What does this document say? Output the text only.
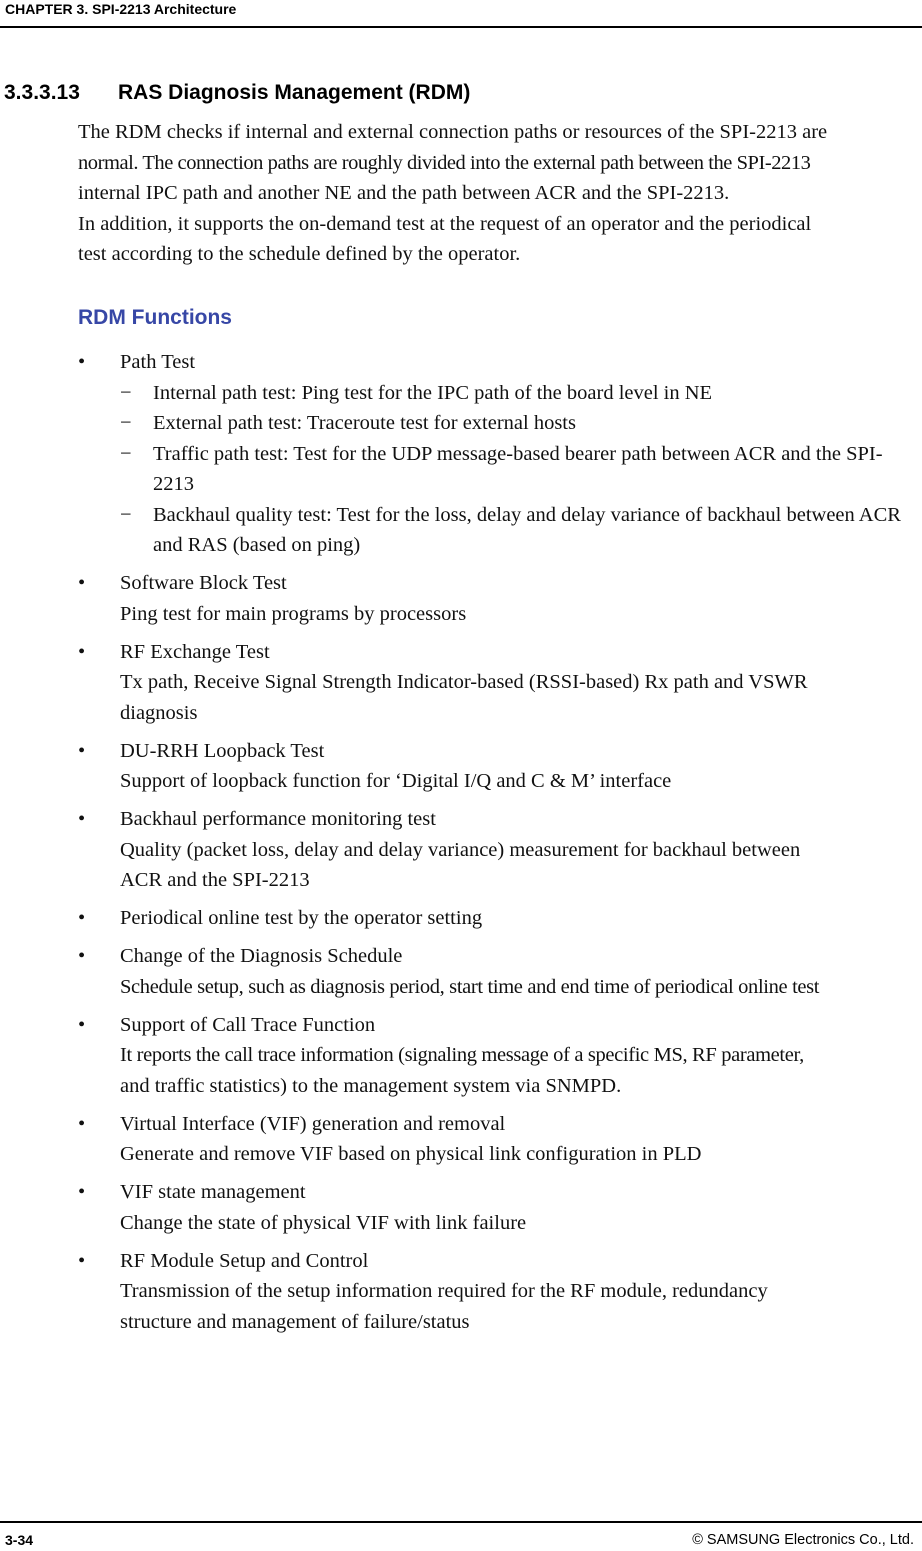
CHAPTER 3. SPI-2213 Architecture
3.3.3.13 RAS Diagnosis Management (RDM)

The RDM checks if internal and external connection paths or resources of the SPI-2213 are

normal. The connection paths are roughly divided into the external path between the SPI-2213

internal IPC path and another NE and the path between ACR and the SPI-2213.

In addition, it supports the on-demand test at the request of an operator and the periodical

test according to the schedule defined by the operator.

RDM Functions
•	Path Test
− Internal path test: Ping test for the IPC path of the board level in NE
− External path test: Traceroute test for external hosts
− Traffic path test: Test for the UDP message-based bearer path between ACR and the SPI-2213
− Backhaul quality test: Test for the loss, delay and delay variance of backhaul between ACR and RAS (based on ping)
•	Software Block Test
Ping test for main programs by processors
•	RF Exchange Test
Tx path, Receive Signal Strength Indicator-based (RSSI-based) Rx path and VSWR
diagnosis
•	DU-RRH Loopback Test
Support of loopback function for ‘Digital I/Q and C & M’ interface
•	Backhaul performance monitoring test
Quality (packet loss, delay and delay variance) measurement for backhaul between
ACR and the SPI-2213
•	Periodical online test by the operator setting
•	Change of the Diagnosis Schedule
Schedule setup, such as diagnosis period, start time and end time of periodical online test
•	Support of Call Trace Function
It reports the call trace information (signaling message of a specific MS, RF parameter,
and traffic statistics) to the management system via SNMPD.
•	Virtual Interface (VIF) generation and removal
Generate and remove VIF based on physical link configuration in PLD
•	VIF state management
Change the state of physical VIF with link failure
•	RF Module Setup and Control
Transmission of the setup information required for the RF module, redundancy
structure and management of failure/status
3-34	© SAMSUNG Electronics Co., Ltd.
